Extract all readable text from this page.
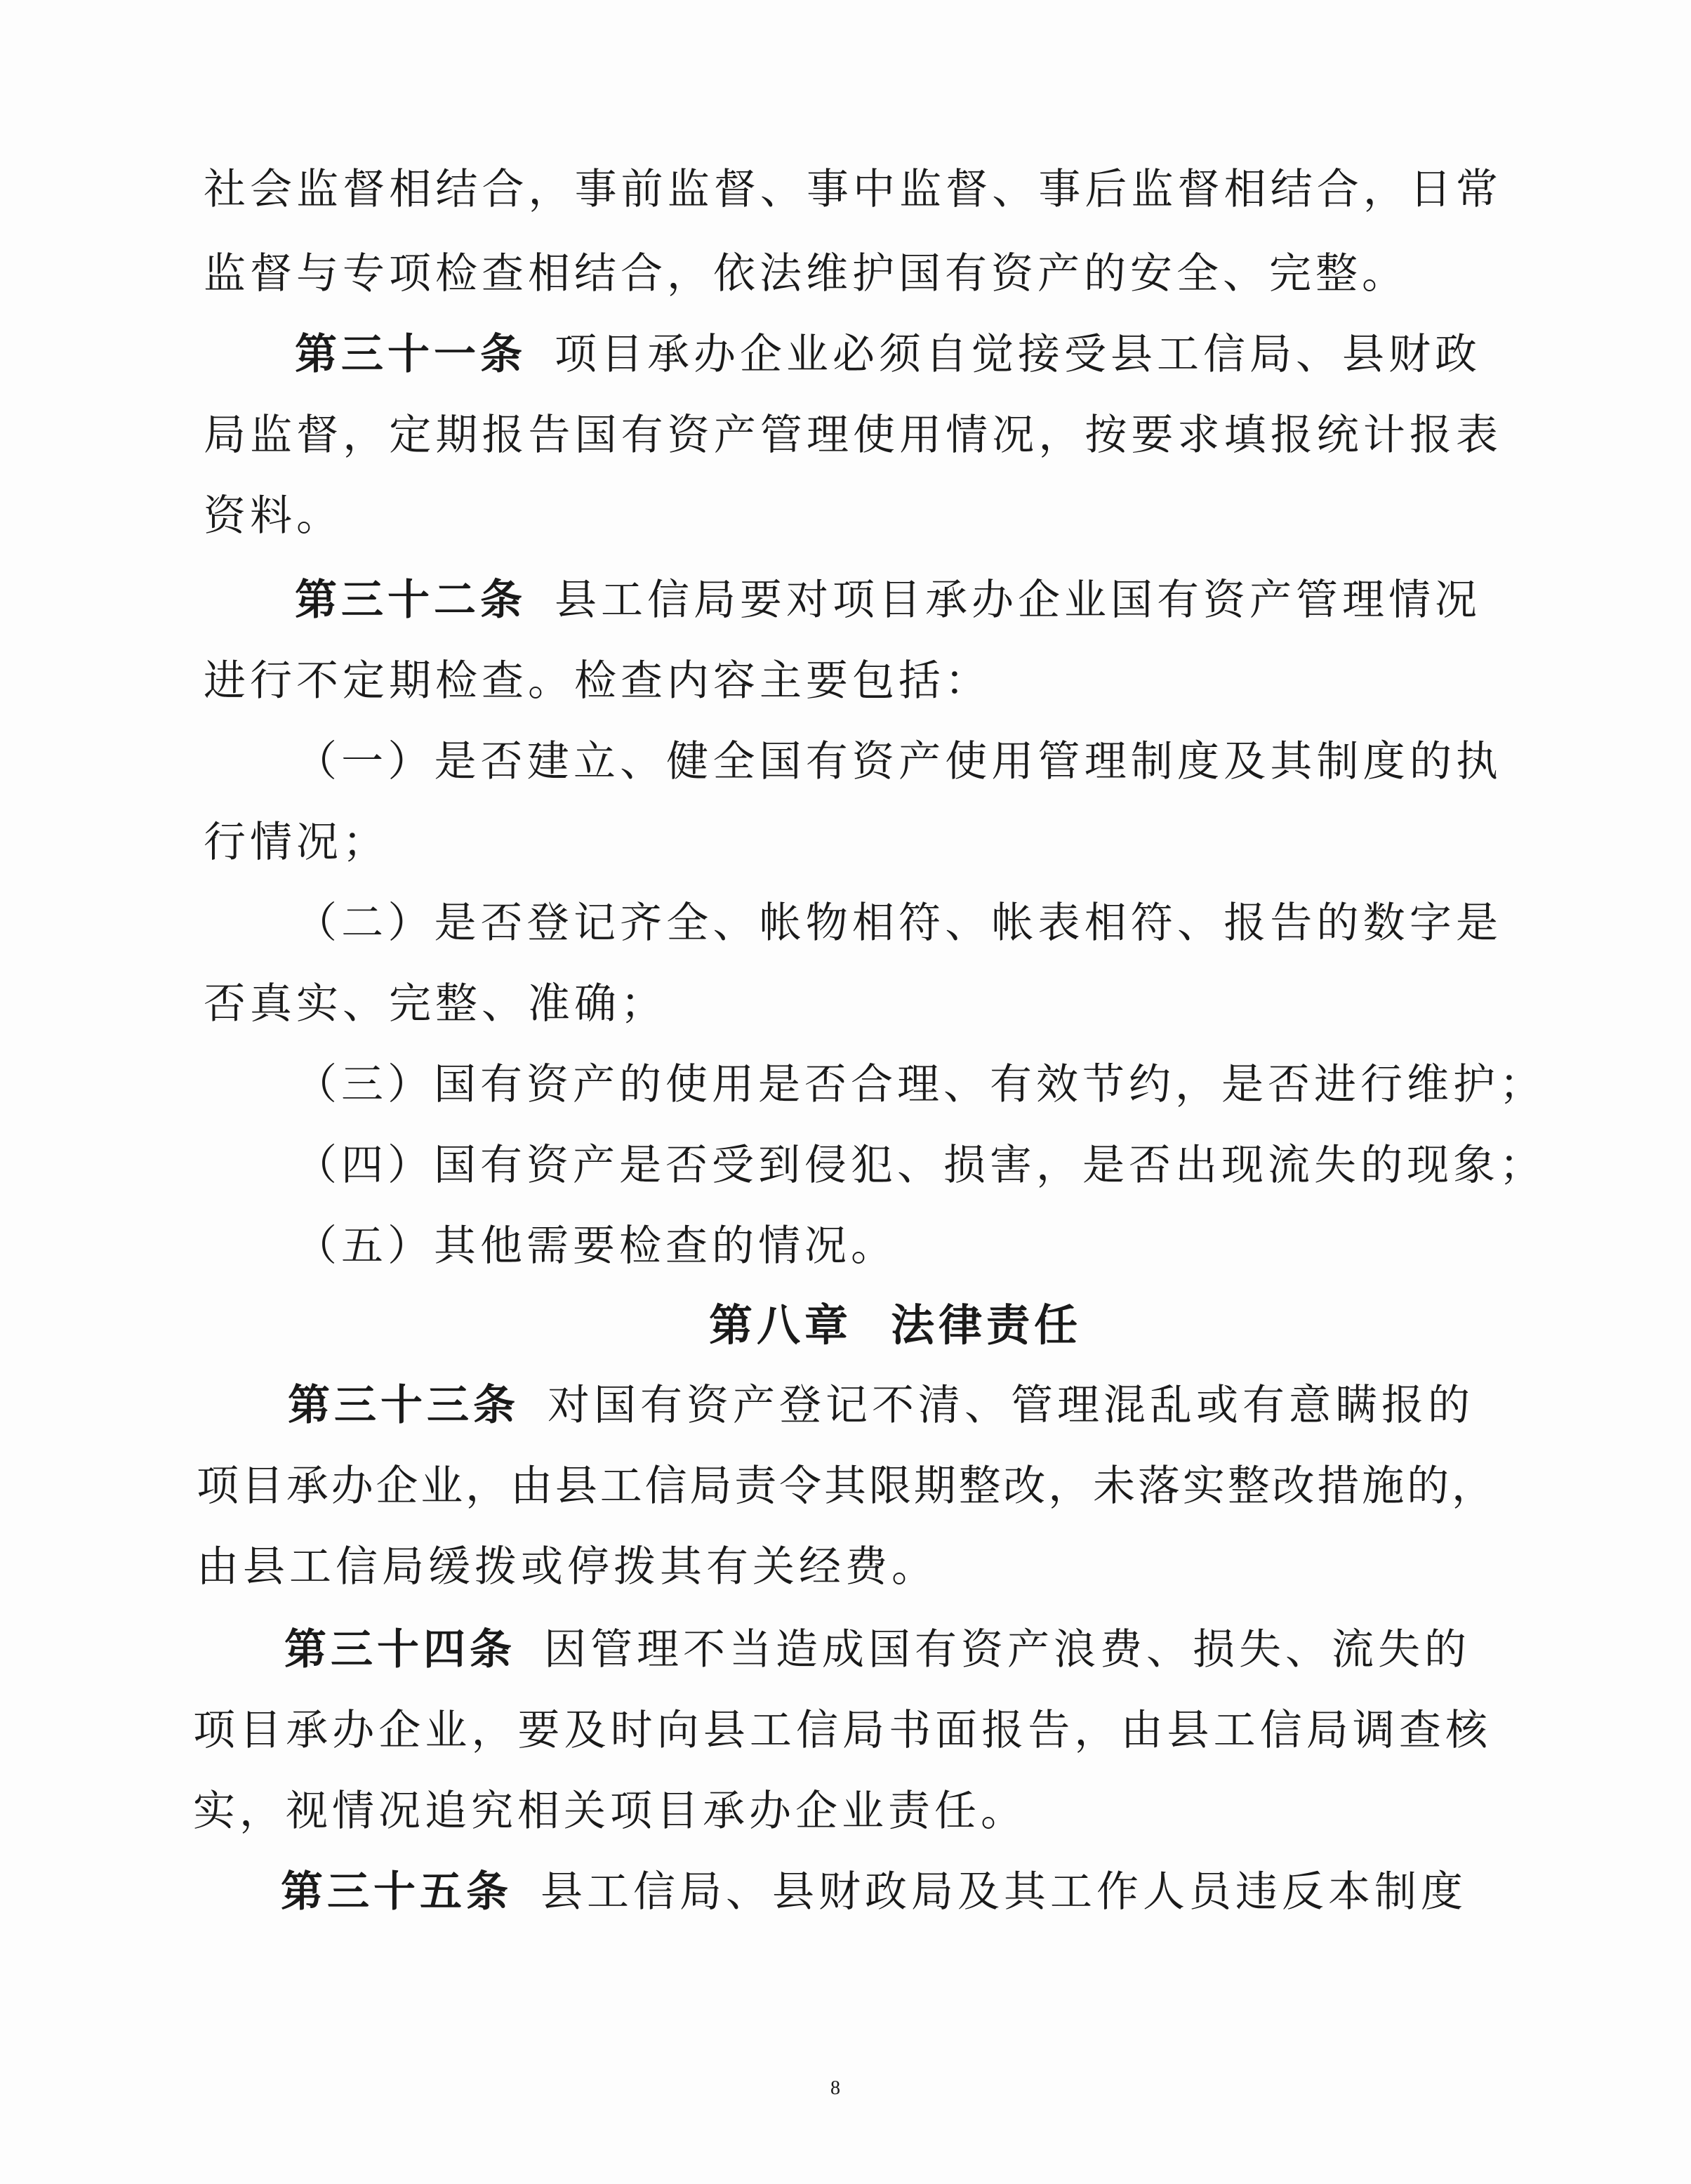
社会监督相结合，事前监督、事中监督、事后监督相结合，日常
监督与专项检查相结合，依法维护国有资产的安全、完整。
第三十一条 项目承办企业必须自觉接受县工信局、县财政
局监督，定期报告国有资产管理使用情况，按要求填报统计报表
资料。
第三十二条 县工信局要对项目承办企业国有资产管理情况
进行不定期检查。检查内容主要包括：
（一）是否建立、健全国有资产使用管理制度及其制度的执
行情况；
（二）是否登记齐全、帐物相符、帐表相符、报告的数字是
否真实、完整、准确；
（三）国有资产的使用是否合理、有效节约，是否进行维护；
（四）国有资产是否受到侵犯、损害，是否出现流失的现象；
（五）其他需要检查的情况。
第八章  法律责任
第三十三条 对国有资产登记不清、管理混乱或有意瞒报的
项目承办企业，由县工信局责令其限期整改，未落实整改措施的，
由县工信局缓拨或停拨其有关经费。
第三十四条 因管理不当造成国有资产浪费、损失、流失的
项目承办企业，要及时向县工信局书面报告，由县工信局调查核
实，视情况追究相关项目承办企业责任。
第三十五条 县工信局、县财政局及其工作人员违反本制度
8
